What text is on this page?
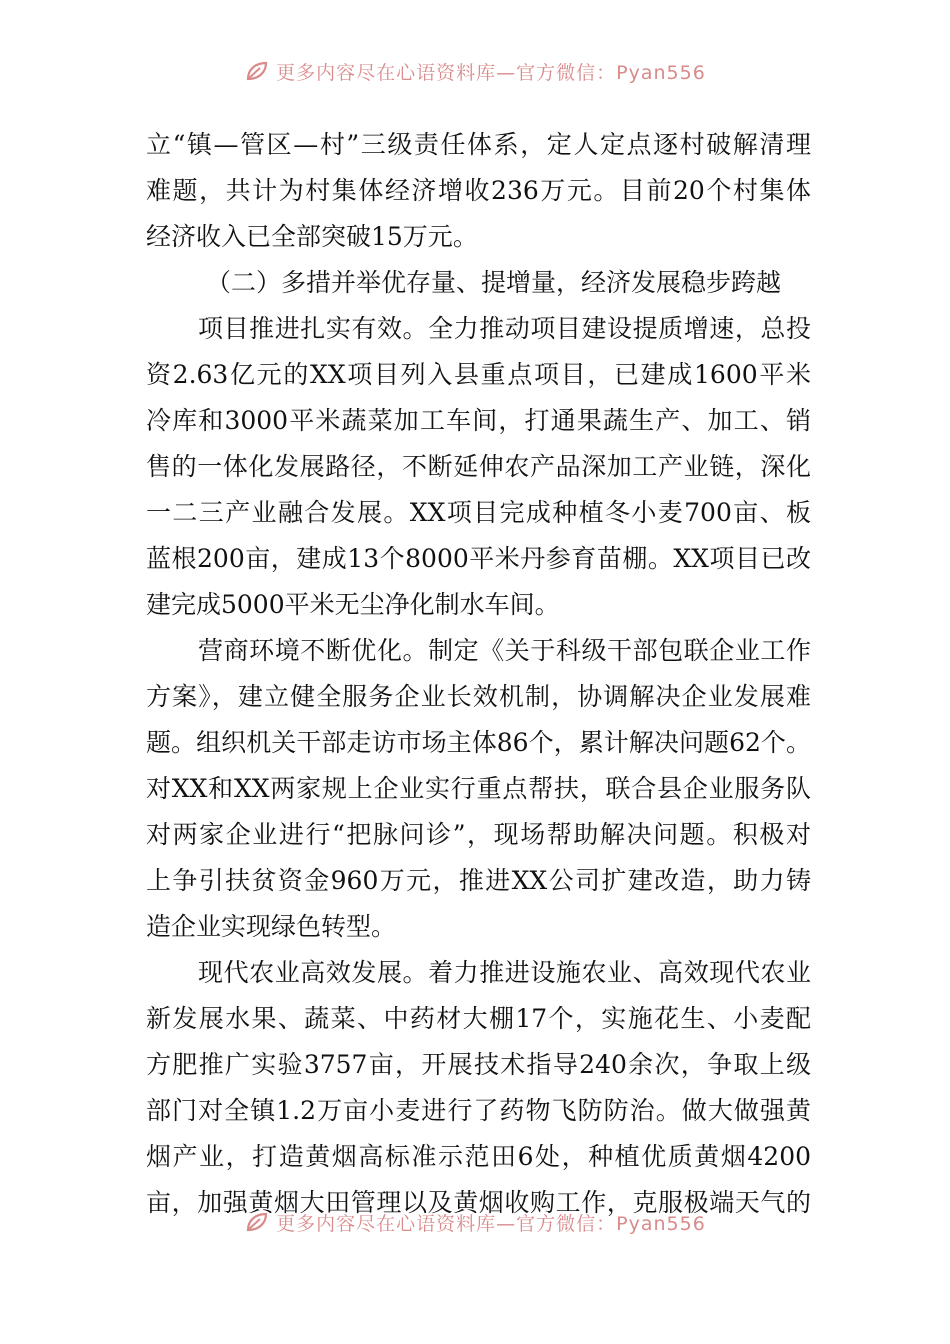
更多内容尽在心语资料库—官方微信：Pyan556
立“镇—管区—村”三级责任体系，定人定点逐村破解清理
难题，共计为村集体经济增收236万元。目前20个村集体
经济收入已全部突破15万元。
（二）多措并举优存量、提增量，经济发展稳步跨越
项目推进扎实有效。全力推动项目建设提质增速，总投
资2.63亿元的XX项目列入县重点项目，已建成1600平米
冷库和3000平米蔬菜加工车间，打通果蔬生产、加工、销
售的一体化发展路径，不断延伸农产品深加工产业链，深化
一二三产业融合发展。XX项目完成种植冬小麦700亩、板
蓝根200亩，建成13个8000平米丹参育苗棚。XX项目已改
建完成5000平米无尘净化制水车间。
营商环境不断优化。制定《关于科级干部包联企业工作
方案》，建立健全服务企业长效机制，协调解决企业发展难
题。组织机关干部走访市场主体86个，累计解决问题62个。
对XX和XX两家规上企业实行重点帮扶，联合县企业服务队
对两家企业进行“把脉问诊”，现场帮助解决问题。积极对
上争引扶贫资金960万元，推进XX公司扩建改造，助力铸
造企业实现绿色转型。
现代农业高效发展。着力推进设施农业、高效现代农业
新发展水果、蔬菜、中药材大棚17个，实施花生、小麦配
方肥推广实验3757亩，开展技术指导240余次，争取上级
部门对全镇1.2万亩小麦进行了药物飞防防治。做大做强黄
烟产业，打造黄烟高标准示范田6处，种植优质黄烟4200
亩，加强黄烟大田管理以及黄烟收购工作，克服极端天气的
更多内容尽在心语资料库—官方微信：Pyan556
